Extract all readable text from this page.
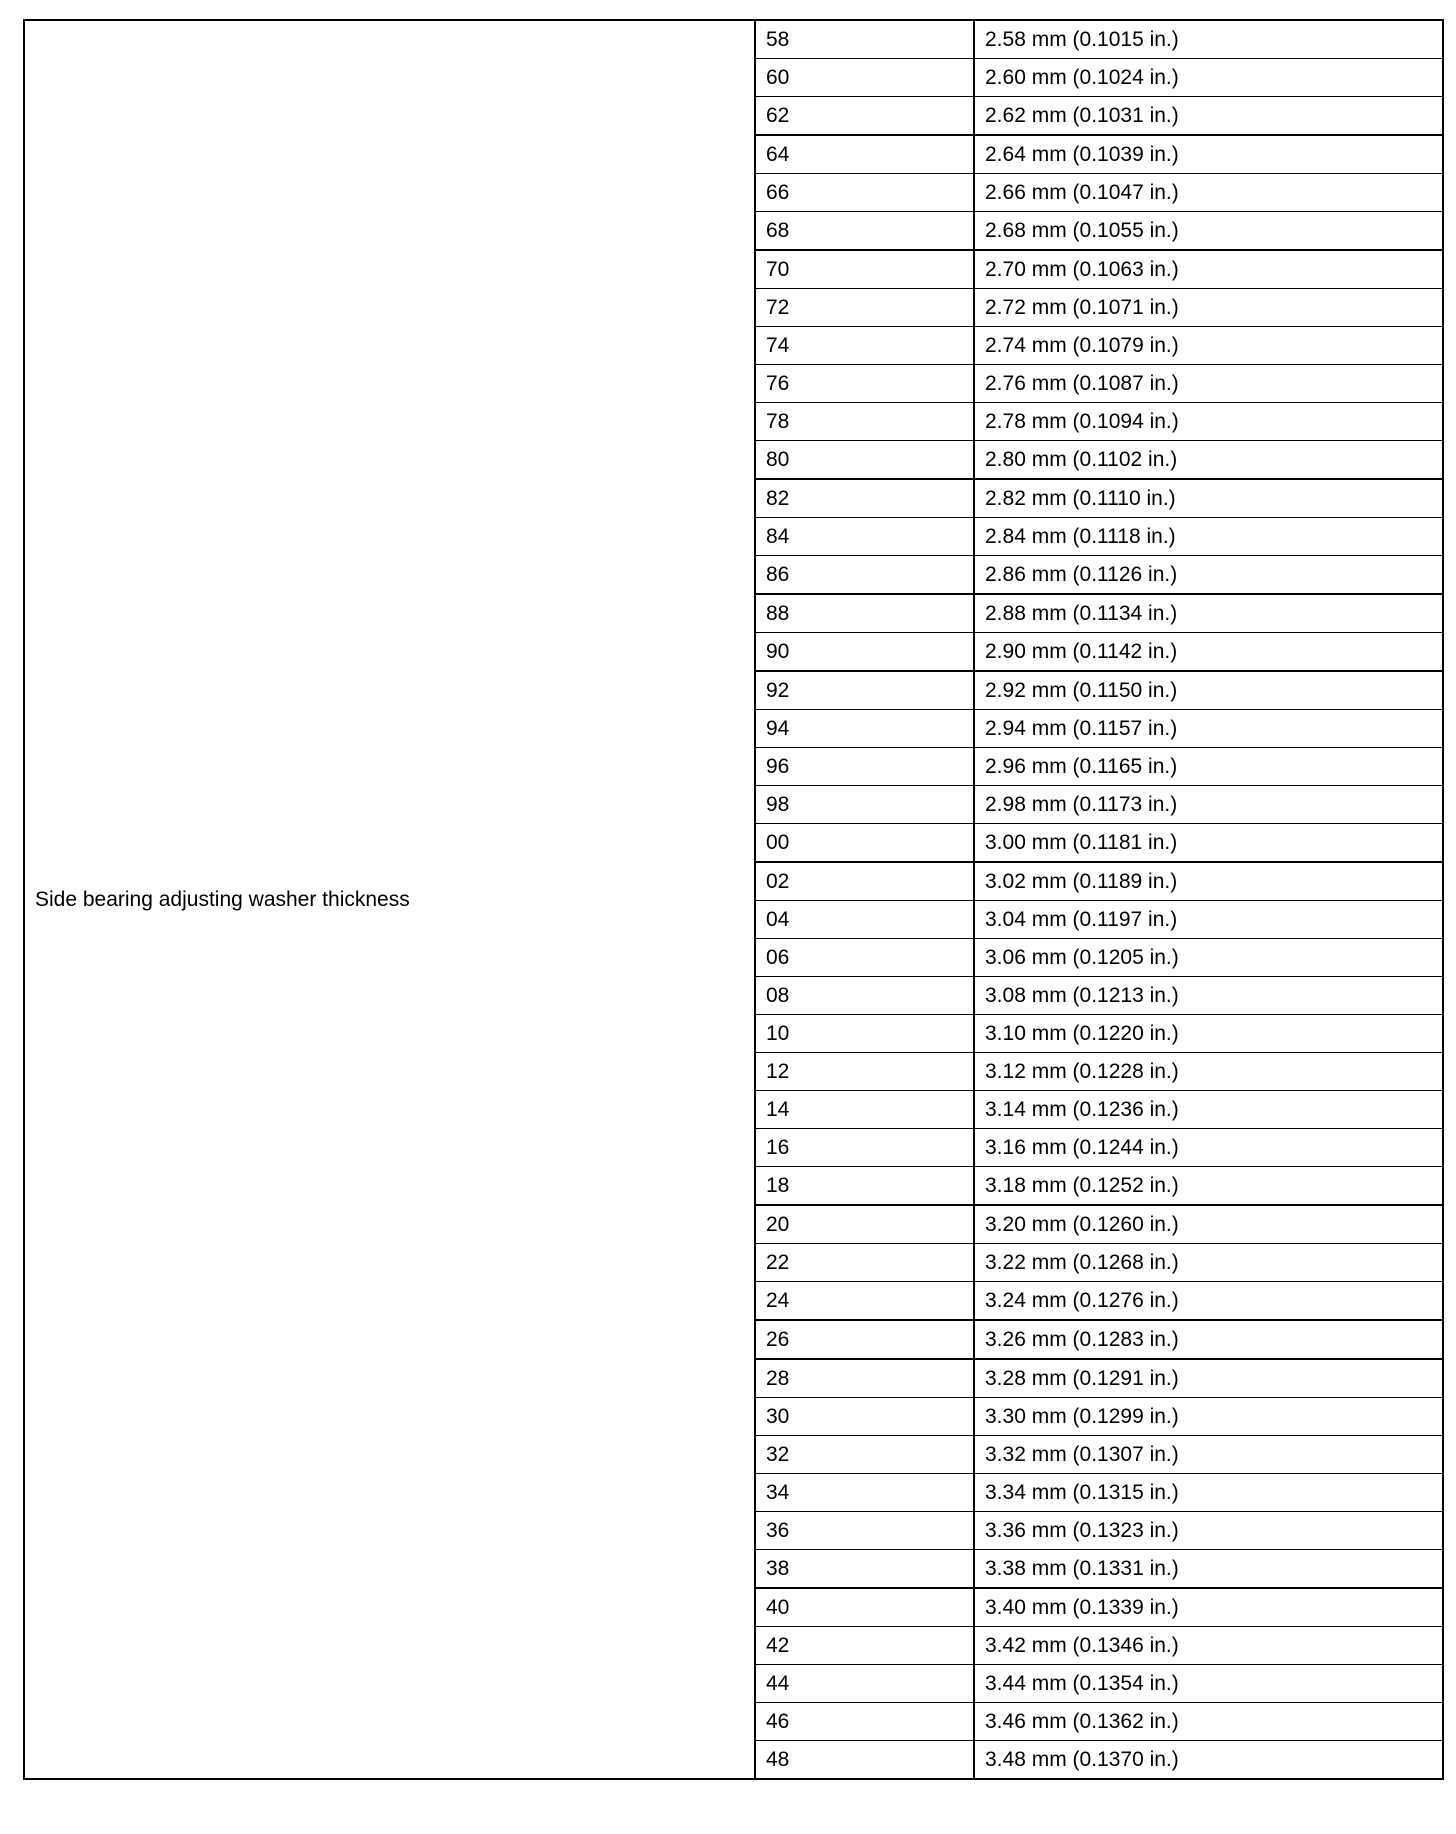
Side bearing adjusting washer thickness	58	2.58 mm (0.1015 in.)
	60	2.60 mm (0.1024 in.)
	62	2.62 mm (0.1031 in.)
	64	2.64 mm (0.1039 in.)
	66	2.66 mm (0.1047 in.)
	68	2.68 mm (0.1055 in.)
	70	2.70 mm (0.1063 in.)
	72	2.72 mm (0.1071 in.)
	74	2.74 mm (0.1079 in.)
	76	2.76 mm (0.1087 in.)
	78	2.78 mm (0.1094 in.)
	80	2.80 mm (0.1102 in.)
	82	2.82 mm (0.1110 in.)
	84	2.84 mm (0.1118 in.)
	86	2.86 mm (0.1126 in.)
	88	2.88 mm (0.1134 in.)
	90	2.90 mm (0.1142 in.)
	92	2.92 mm (0.1150 in.)
	94	2.94 mm (0.1157 in.)
	96	2.96 mm (0.1165 in.)
	98	2.98 mm (0.1173 in.)
	00	3.00 mm (0.1181 in.)
	02	3.02 mm (0.1189 in.)
	04	3.04 mm (0.1197 in.)
	06	3.06 mm (0.1205 in.)
	08	3.08 mm (0.1213 in.)
	10	3.10 mm (0.1220 in.)
	12	3.12 mm (0.1228 in.)
	14	3.14 mm (0.1236 in.)
	16	3.16 mm (0.1244 in.)
	18	3.18 mm (0.1252 in.)
	20	3.20 mm (0.1260 in.)
	22	3.22 mm (0.1268 in.)
	24	3.24 mm (0.1276 in.)
	26	3.26 mm (0.1283 in.)
	28	3.28 mm (0.1291 in.)
	30	3.30 mm (0.1299 in.)
	32	3.32 mm (0.1307 in.)
	34	3.34 mm (0.1315 in.)
	36	3.36 mm (0.1323 in.)
	38	3.38 mm (0.1331 in.)
	40	3.40 mm (0.1339 in.)
	42	3.42 mm (0.1346 in.)
	44	3.44 mm (0.1354 in.)
	46	3.46 mm (0.1362 in.)
	48	3.48 mm (0.1370 in.)
